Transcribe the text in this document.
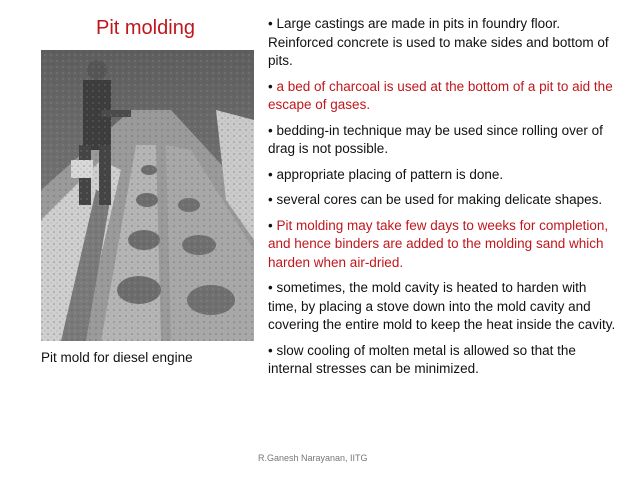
Pit molding
Pit mold for diesel engine
• Large castings are made in pits in foundry floor. Reinforced concrete is used to make sides and bottom of pits.
• a bed of charcoal is used at the bottom of a pit to aid the escape of gases.
• bedding-in technique may be used since rolling over of drag is not possible.
• appropriate placing of pattern is done.
• several cores can be used for making delicate shapes.
• Pit molding may take few days to weeks for completion, and hence binders are added to the molding sand which harden when air-dried.
• sometimes, the mold cavity is heated to harden with time, by placing a stove down into the mold cavity and covering the entire mold to keep the heat inside the cavity.
• slow cooling of molten metal is allowed so that the internal stresses can be minimized.
R.Ganesh Narayanan, IITG
